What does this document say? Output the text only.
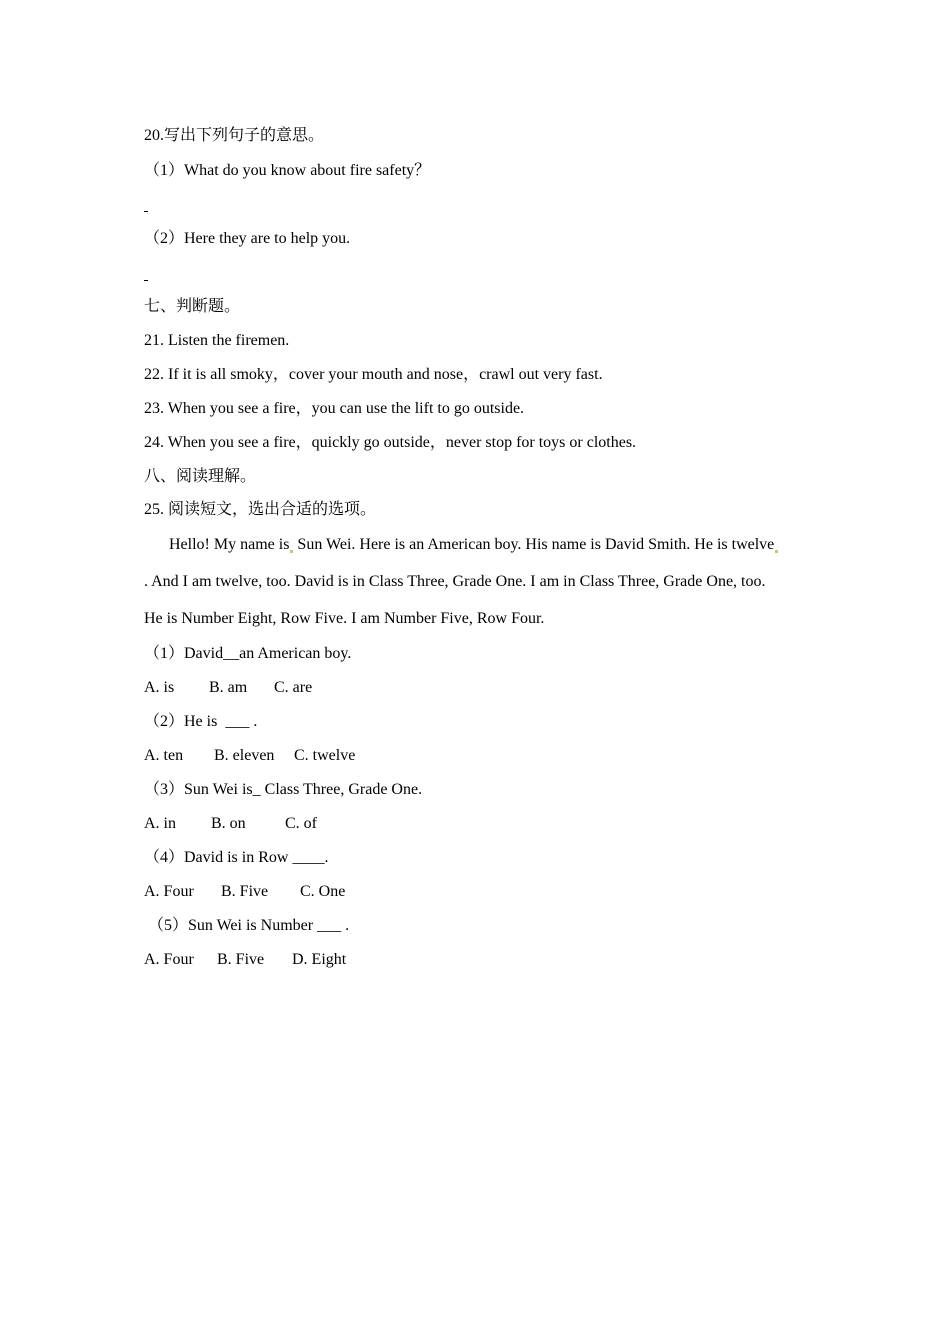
20.写出下列句子的意思。
（1）What do you know about fire safety？
（2）Here they are to help you.
七、判断题。
21. Listen the firemen.
22. If it is all smoky，cover your mouth and nose，crawl out very fast.
23. When you see a fire，you can use the lift to go outside.
24. When you see a fire，quickly go outside，never stop for toys or clothes.
八、阅读理解。
25. 阅读短文，选出合适的选项。
Hello! My name is Sun Wei. Here is an American boy. His name is David Smith. He is twelve
. And I am twelve, too. David is in Class Three, Grade One. I am in Class Three, Grade One, too.
He is Number Eight, Row Five. I am Number Five, Row Four.
（1）David__an American boy.
A. is B. am C. are
（2）He is  ___ .
A. ten B. eleven C. twelve
（3）Sun Wei is_ Class Three, Grade One.
A. in B. on C. of
（4）David is in Row ____.
A. Four B. Five C. One
（5）Sun Wei is Number ___ .
A. Four B. Five D. Eight
